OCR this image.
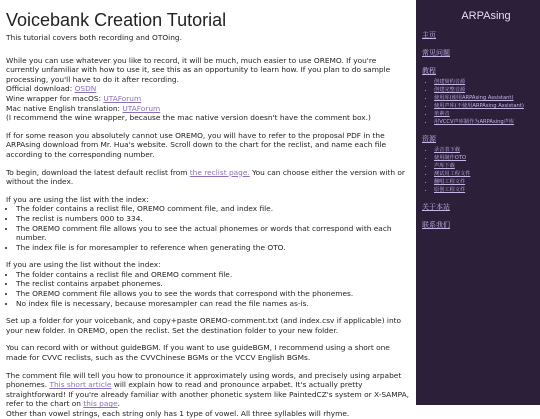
Voicebank Creation Tutorial

This tutorial covers both recording and OTOing.

While you can use whatever you like to record, it will be much, much easier to use OREMO. If you're currently unfamiliar with how to use it, see this as an opportunity to learn how. If you plan to do sample processing, you'll have to do it after recording.
Official download: OSDN
Wine wrapper for macOS: UTAForum
Mac native English translation: UTAForum
(I recommend the wine wrapper, because the mac native version doesn't have the comment box.)

If for some reason you absolutely cannot use OREMO, you will have to refer to the proposal PDF in the ARPAsing download from Mr. Hua's website. Scroll down to the chart for the reclist, and name each file according to the corresponding number.

To begin, download the latest default reclist from the reclist page. You can choose either the version with or without the index.

If you are using the list with the index:

• The folder contains a reclist file, OREMO comment file, and index file.
• The reclist is numbers 000 to 334.
• The OREMO comment file allows you to see the actual phonemes or words that correspond with each number.
• The index file is for moresampler to reference when generating the OTO.

If you are using the list without the index:

• The folder contains a reclist file and OREMO comment file.
• The reclist contains arpabet phonemes.
• The OREMO comment file allows you to see the words that correspond with the phonemes.
• No index file is necessary, because moresampler can read the file names as-is.

Set up a folder for your voicebank, and copy+paste OREMO-comment.txt (and index.csv if applicable) into your new folder. In OREMO, open the reclist. Set the destination folder to your new folder.

You can record with or without guideBGM. If you want to use guideBGM, I recommend using a short one made for CVVC reclists, such as the CVVChinese BGMs or the VCCV English BGMs.

The comment file will tell you how to pronounce it approximately using words, and precisely using arpabet phonemes. This short article will explain how to read and pronounce arpabet. It's actually pretty straightforward! If you're already familiar with another phonetic system like PaintedCZ's system or X-SAMPA, refer to the chart on this page.
Other than vowel strings, each string only has 1 type of vowel. All three syllables will rhyme.

ARPAsing
主页
常见问题
教程
• 创建简约音源
• 创建完整音源
• 使用库(使用ARPAsing Assistant)
• 使用声库(不使用ARPAsing Assistant)
• 单素音
• 用VCCV声库制作为ARPAsing声库
资源
• 录音表下载
• 使用制作OTO
• 声库下载
• 测试用工程文件
• 翻唱工程文件
• 原创工程文件
关于本站
联系我们
